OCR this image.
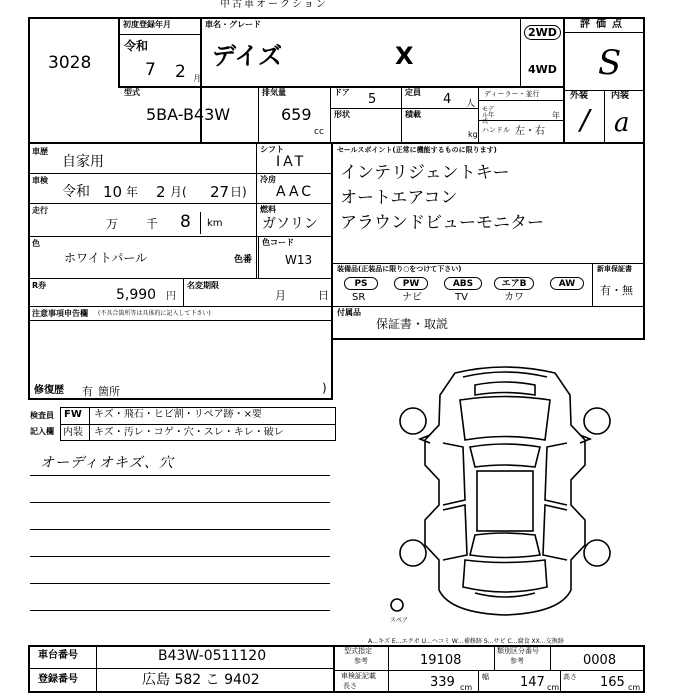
中古車オークション
3028
初度登録年月
令和
7 2 月
車名・グレード
デイズ	X
2WD
4WD
評価点
S
外装	内装
/ a
型式
5BA-B43W
排気量
659
cc
ドア 5	定員 4 人
ディーラー・並行
モデル年式
年
積載
kg ハンドル 左・右
形状
車歴
自家用
車検
令和 10 年 2 月( 27 日)
走行
万 千 8 km
シフト
IAT
冷房
AAC
燃料
ガソリン
色
ホワイトパール	色番
色コード
W13
R券
5,990 円
名変期限
月	日
注意事項申告欄 (不具合箇所等は具体的に記入して下さい)
修復歴 有 箇所	)
セールスポイント(正常に機能するものに限ります)
インテリジェントキー
オートエアコン
アラウンドビューモニター
装備品(正装品に限り○をつけて下さい)
PS	PW	ABS	エアB	AW
SR	ナビ	TV	カワ
新車保証書
有・無
付属品
保証書・取説
検査員
記入欄
FW キズ・飛石・ヒビ割・リペア跡・×要
内装 キズ・汚レ・コゲ・穴・スレ・キレ・破レ
オーディオキズ、穴
スペア
A…キズ E…エクボ U…ヘコミ W…補修跡 S…サビ C…腐食 XX…交換跡
車台番号	B43W-0511120
登録番号	広島 582 こ 9402
型式指定
参考	19108
類別区分番号
参考	0008
車検証記載
長さ	339 cm
幅 147 cm
高さ 165 cm
